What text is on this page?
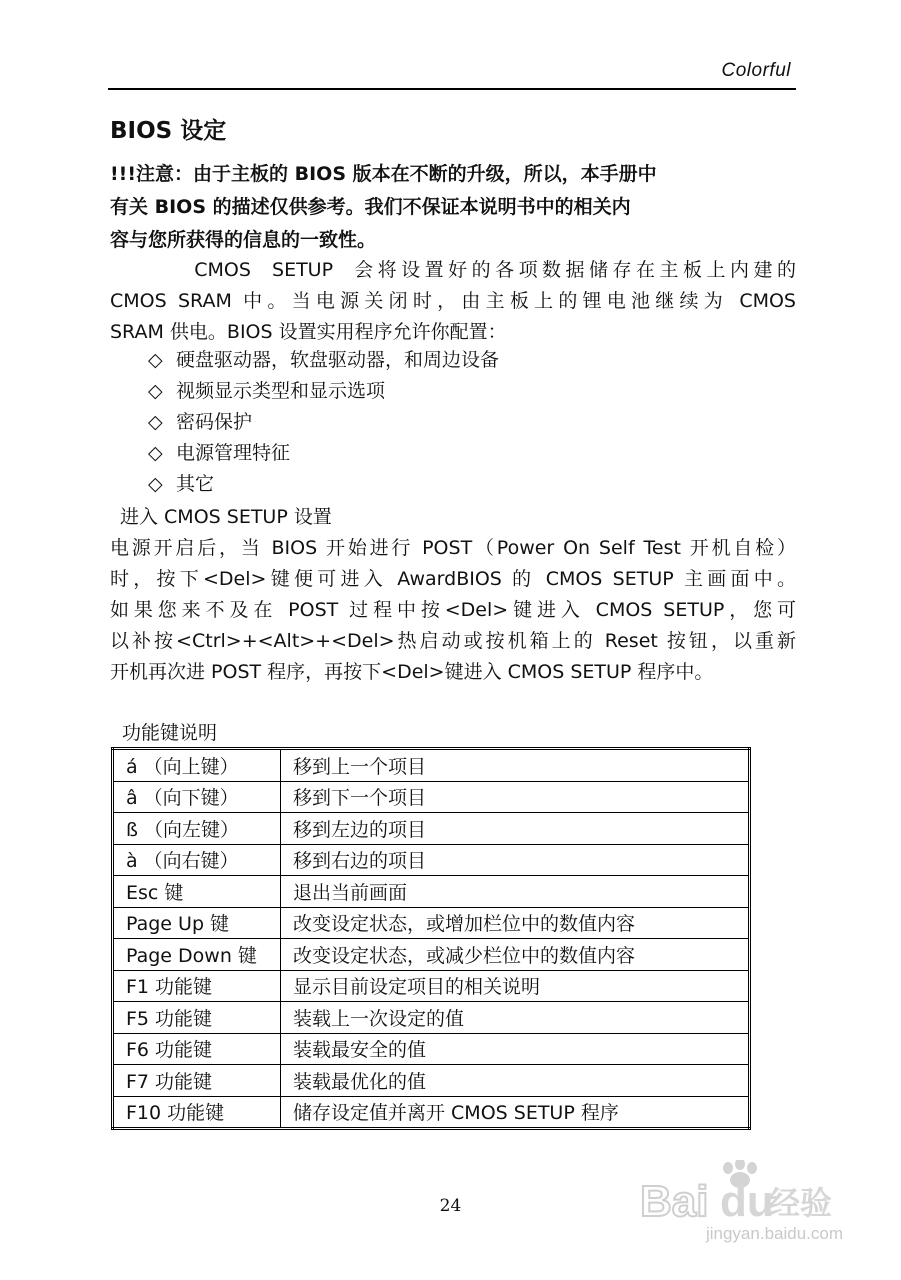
Colorful
BIOS 设定
!!!注意：由于主板的 BIOS 版本在不断的升级，所以，本手册中
有关 BIOS 的描述仅供参考。我们不保证本说明书中的相关内
容与您所获得的信息的一致性。
CMOS  SETUP  会将设置好的各项数据储存在主板上内建的
CMOS SRAM 中。当电源关闭时，由主板上的锂电池继续为 CMOS
SRAM 供电。BIOS 设置实用程序允许你配置：
◇ 硬盘驱动器，软盘驱动器，和周边设备
◇ 视频显示类型和显示选项
◇ 密码保护
◇ 电源管理特征
◇ 其它
进入 CMOS SETUP 设置
电源开启后，当 BIOS 开始进行 POST（Power On Self Test 开机自检）
时，按下<Del>键便可进入 AwardBIOS 的 CMOS SETUP 主画面中。
如果您来不及在 POST 过程中按<Del>键进入 CMOS SETUP，您可
以补按<Ctrl>+<Alt>+<Del>热启动或按机箱上的 Reset 按钮，以重新
开机再次进 POST 程序，再按下<Del>键进入 CMOS SETUP 程序中。
功能键说明
á （向上键）	移到上一个项目
â （向下键）	移到下一个项目
ß （向左键）	移到左边的项目
à （向右键）	移到右边的项目
Esc 键	退出当前画面
Page Up 键	改变设定状态，或增加栏位中的数值内容
Page Down 键	改变设定状态，或减少栏位中的数值内容
F1 功能键	显示目前设定项目的相关说明
F5 功能键	装载上一次设定的值
F6 功能键	装载最安全的值
F7 功能键	装载最优化的值
F10 功能键	储存设定值并离开 CMOS SETUP 程序
24	Bai du
经验
jingyan.baidu.com
